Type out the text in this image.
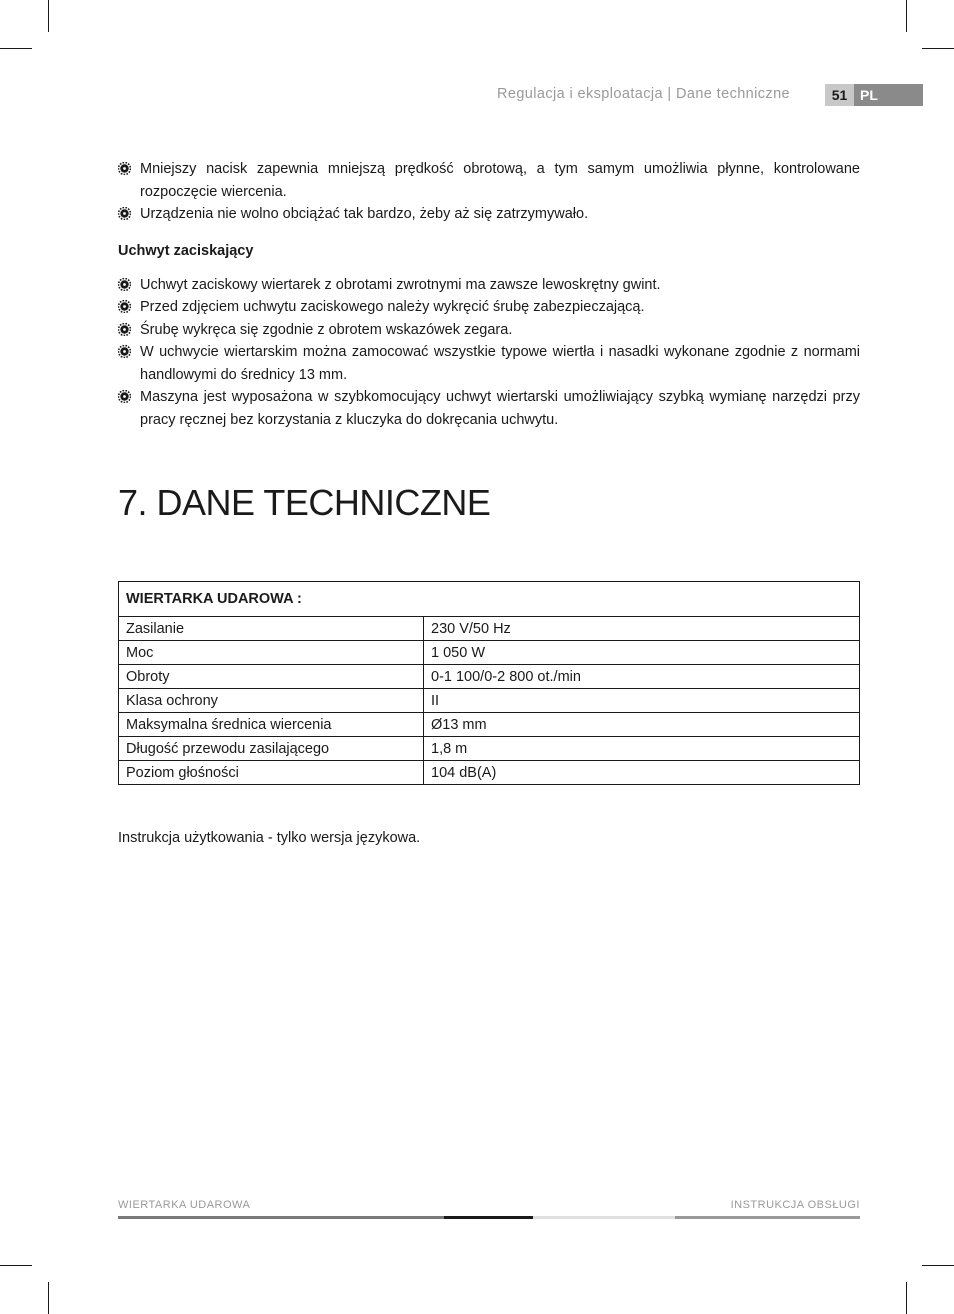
Regulacja i eksploatacja | Dane techniczne	51 PL
Mniejszy nacisk zapewnia mniejszą prędkość obrotową, a tym samym umożliwia płynne, kontrolowane rozpoczęcie wiercenia.
Urządzenia nie wolno obciążać tak bardzo, żeby aż się zatrzymywało.
Uchwyt zaciskający
Uchwyt zaciskowy wiertarek z obrotami zwrotnymi ma zawsze lewoskrętny gwint.
Przed zdjęciem uchwytu zaciskowego należy wykręcić śrubę zabezpieczającą.
Śrubę wykręca się zgodnie z obrotem wskazówek zegara.
W uchwycie wiertarskim można zamocować wszystkie typowe wiertła i nasadki wykonane zgodnie z normami handlowymi do średnicy 13 mm.
Maszyna jest wyposażona w szybkomocujący uchwyt wiertarski umożliwiający szybką wymianę narzędzi przy pracy ręcznej bez korzystania z kluczyka do dokręcania uchwytu.
7. DANE TECHNICZNE
WIERTARKA UDAROWA :	
Zasilanie	230 V/50 Hz
Moc	1 050 W
Obroty	0-1 100/0-2 800 ot./min
Klasa ochrony	II
Maksymalna średnica wiercenia	Ø13 mm
Długość przewodu zasilającego	1,8 m
Poziom głośności	104 dB(A)
Instrukcja użytkowania - tylko wersja językowa.
WIERTARKA UDAROWA	INSTRUKCJA OBSŁUGI
